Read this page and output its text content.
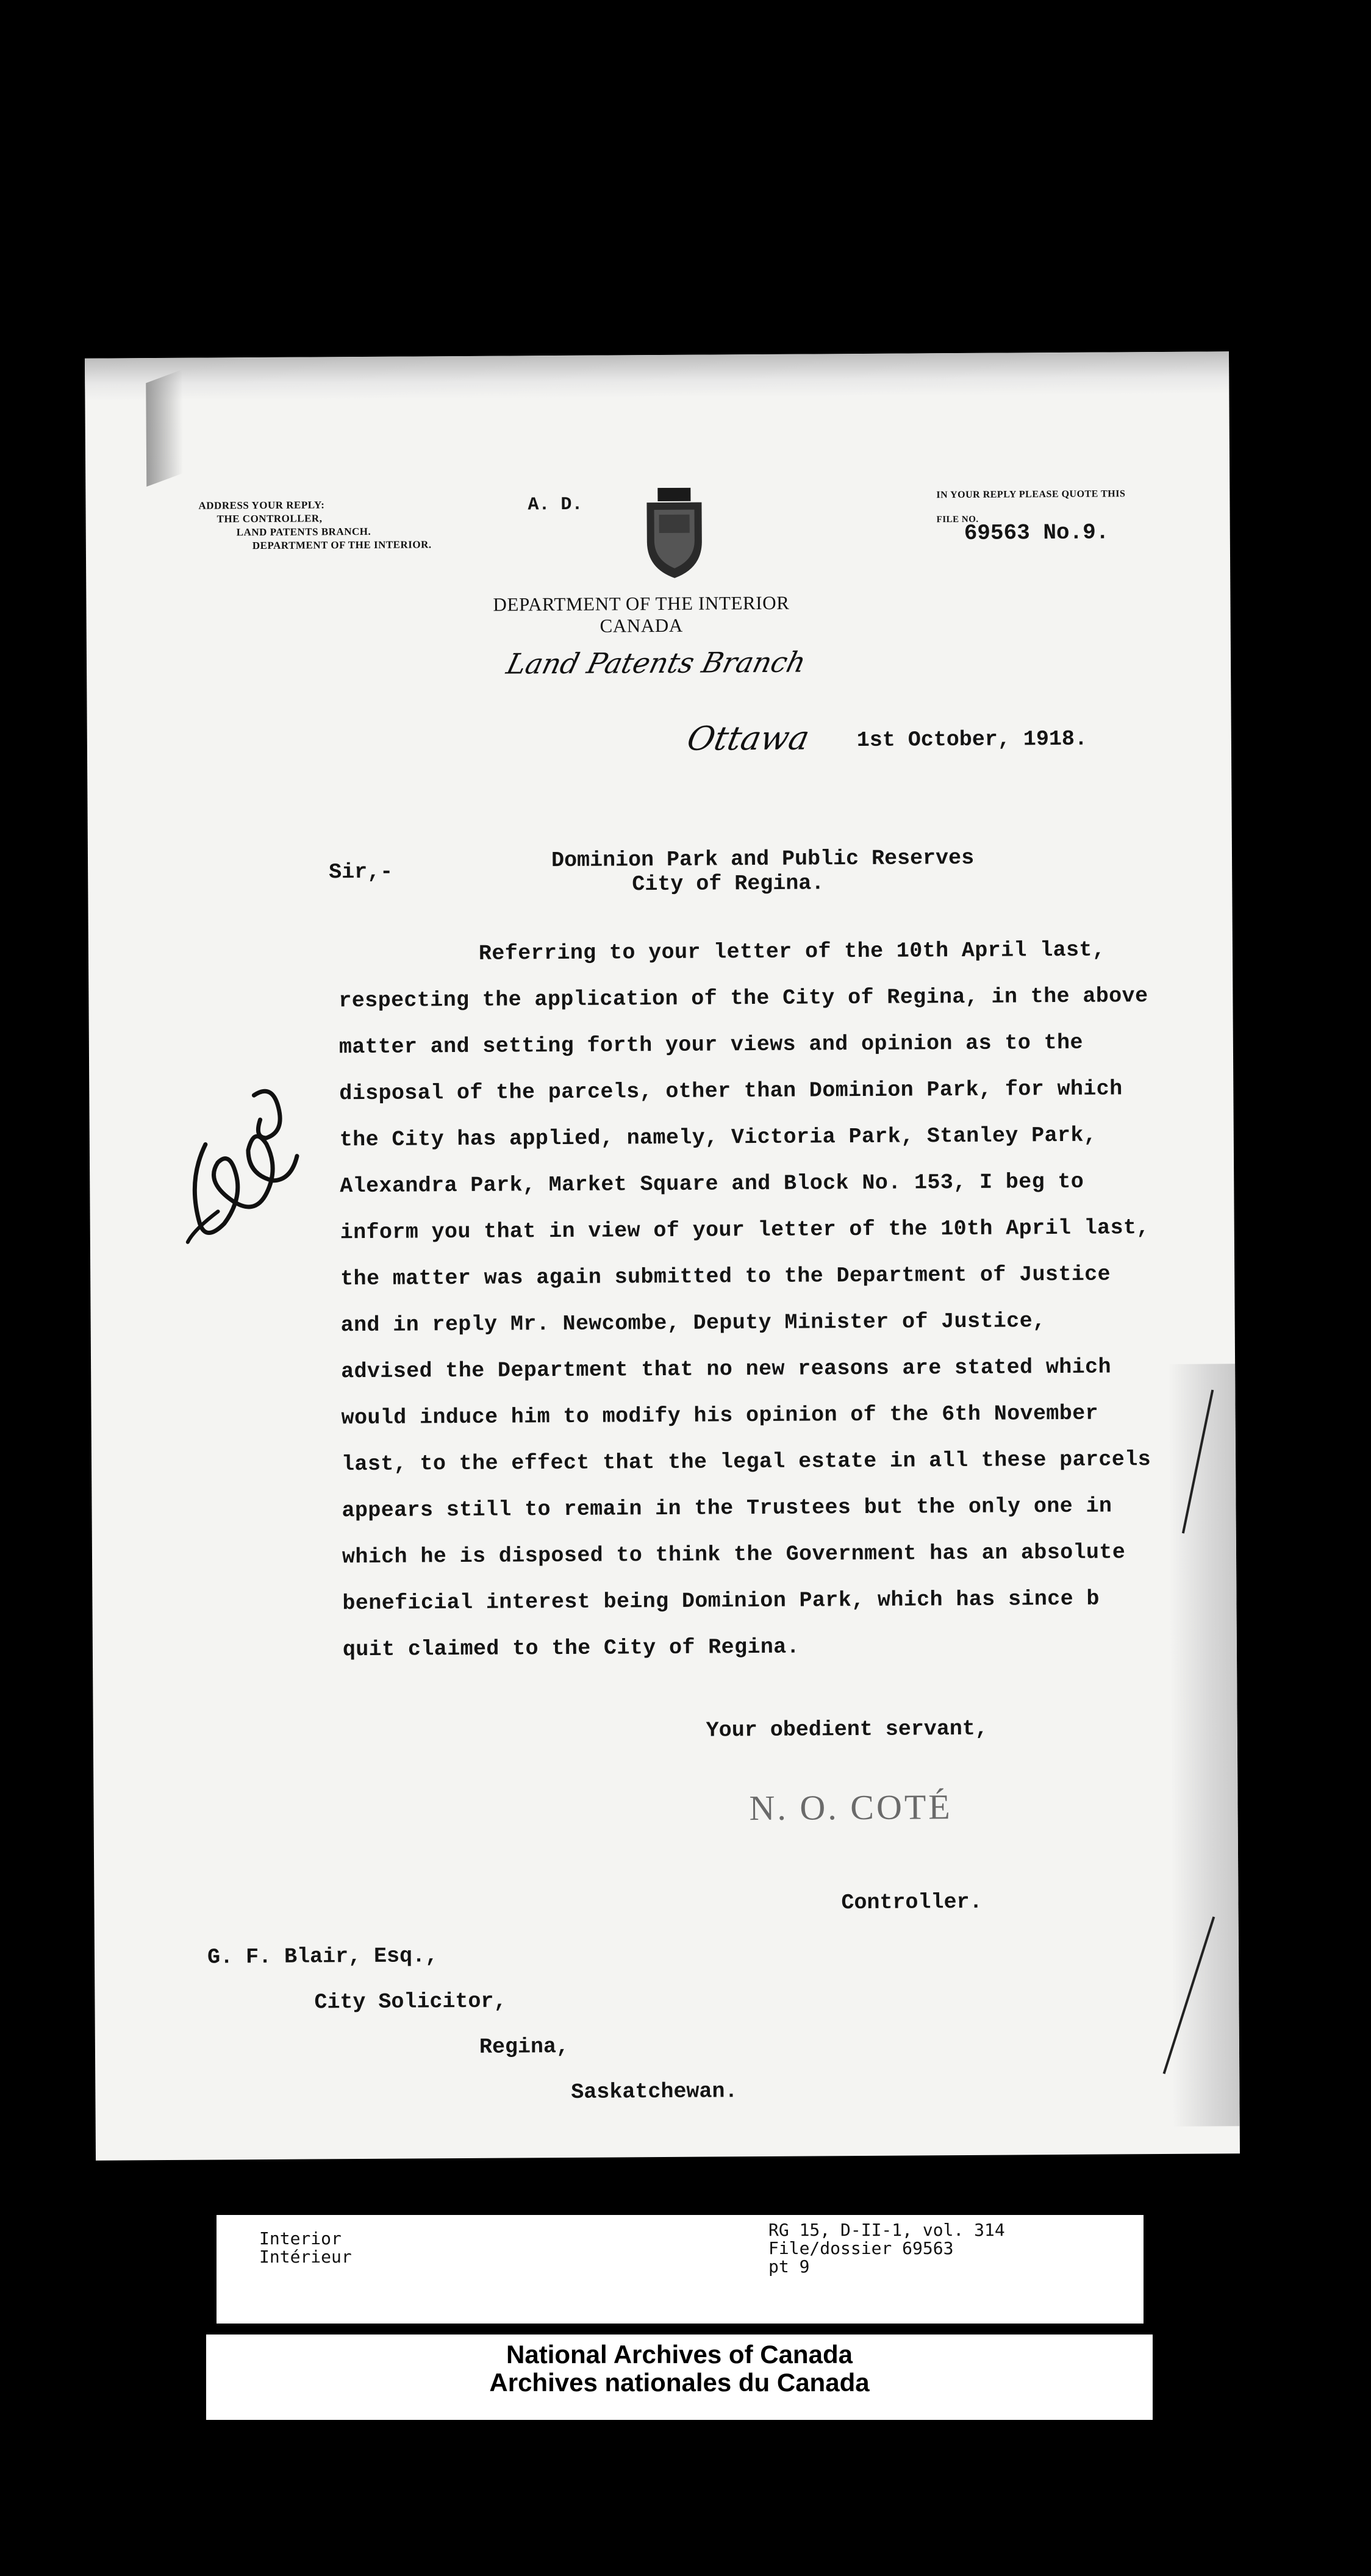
ADDRESS YOUR REPLY:
THE CONTROLLER,
LAND PATENTS BRANCH.
DEPARTMENT OF THE INTERIOR.
A. D.	IN YOUR REPLY PLEASE QUOTE THIS
FILE NO.
69563 No.9.
DEPARTMENT OF THE INTERIOR
CANADA
Land Patents Branch
Ottawa 1st October, 1918.
Sir,-	Dominion Park and Public Reserves
City of Regina.
Referring to your letter of the 10th April last,
respecting the application of the City of Regina, in the above
matter and setting forth your views and opinion as to the
disposal of the parcels, other than Dominion Park, for which
the City has applied, namely, Victoria Park, Stanley Park,
Alexandra Park, Market Square and Block No. 153, I beg to
inform you that in view of your letter of the 10th April last,
the matter was again submitted to the Department of Justice
and in reply Mr. Newcombe, Deputy Minister of Justice,
advised the Department that no new reasons are stated which
would induce him to modify his opinion of the 6th November
last, to the effect that the legal estate in all these parcels
appears still to remain in the Trustees but the only one in
which he is disposed to think the Government has an absolute
beneficial interest being Dominion Park, which has since b
quit claimed to the City of Regina.
Your obedient servant,
N. O. COTÉ
Controller.
G. F. Blair, Esq.,
City Solicitor,
Regina,
Saskatchewan.
Interior
Intérieur
RG 15, D-II-1, vol. 314
File/dossier 69563
pt 9
National Archives of Canada
Archives nationales du Canada
